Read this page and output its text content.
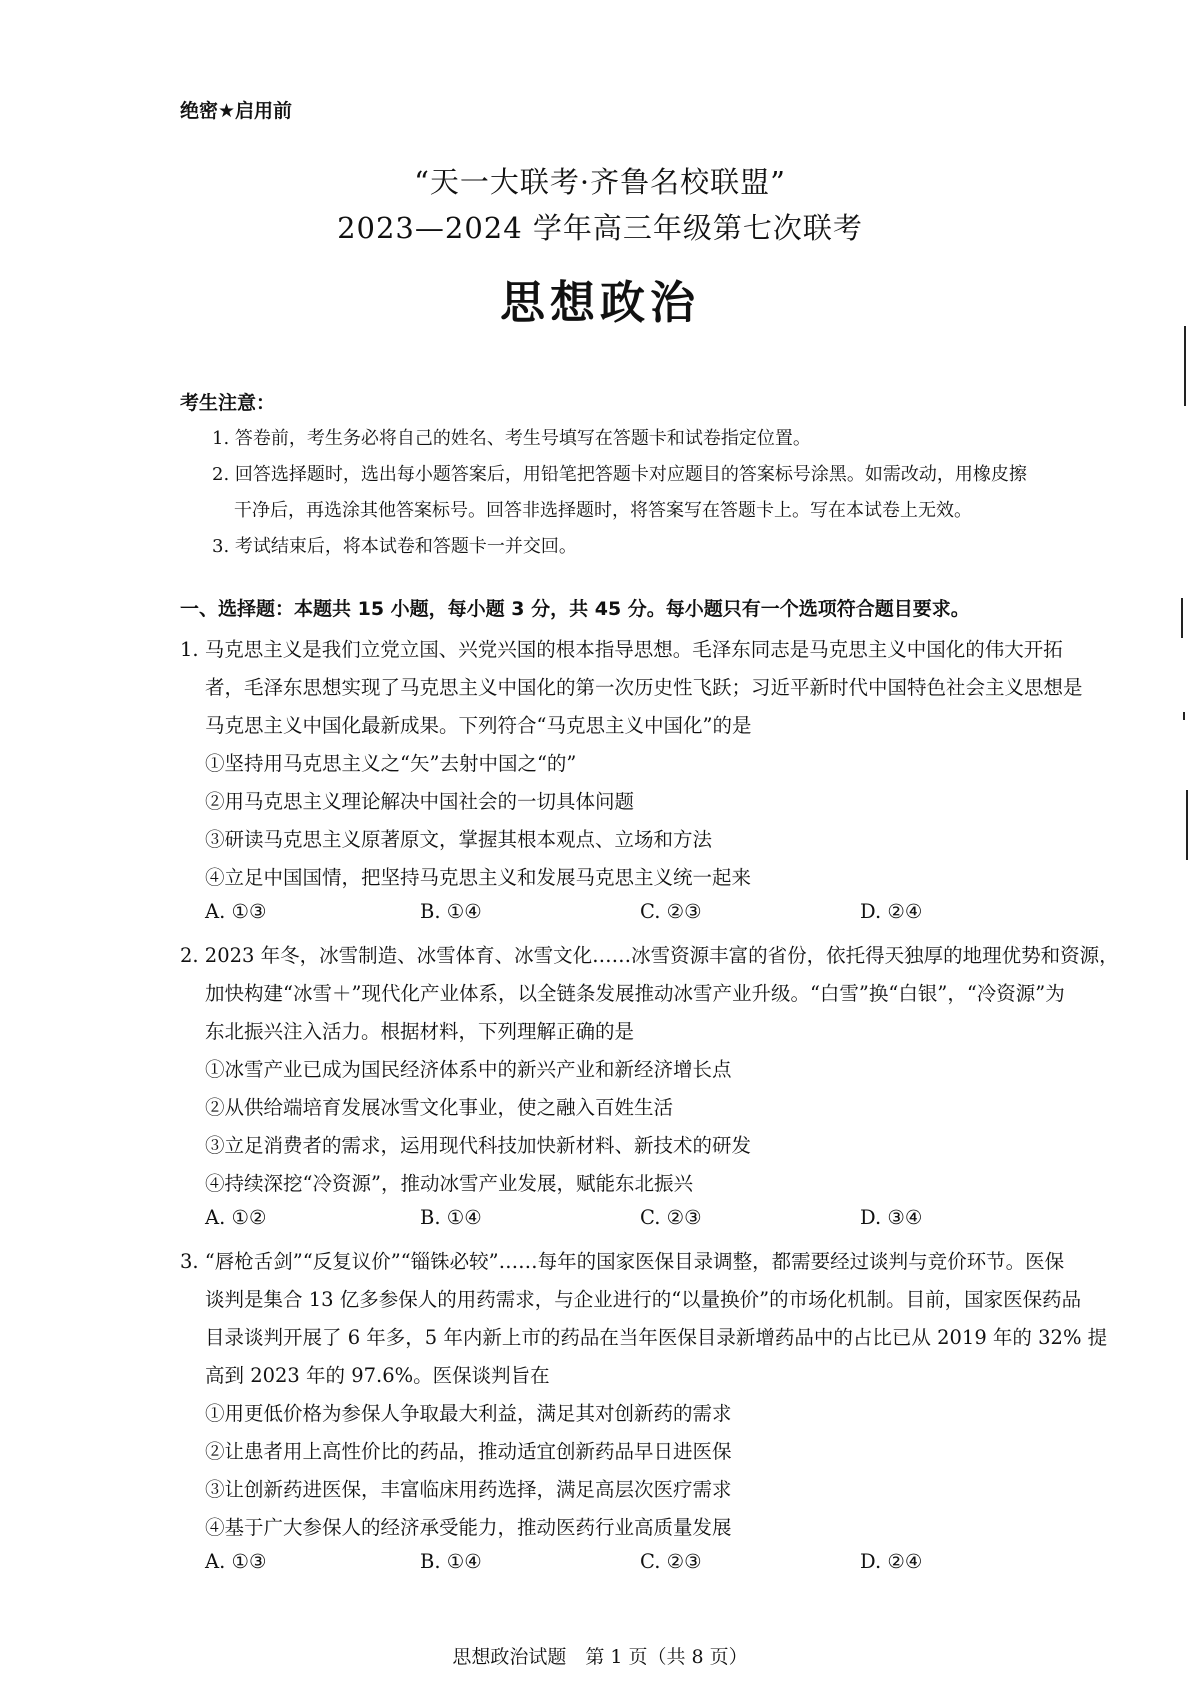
绝密★启用前
“天一大联考·齐鲁名校联盟”
2023—2024 学年高三年级第七次联考
思想政治
考生注意：
1. 答卷前，考生务必将自己的姓名、考生号填写在答题卡和试卷指定位置。
2. 回答选择题时，选出每小题答案后，用铅笔把答题卡对应题目的答案标号涂黑。如需改动，用橡皮擦
干净后，再选涂其他答案标号。回答非选择题时，将答案写在答题卡上。写在本试卷上无效。
3. 考试结束后，将本试卷和答题卡一并交回。
一、选择题：本题共 15 小题，每小题 3 分，共 45 分。每小题只有一个选项符合题目要求。
1. 马克思主义是我们立党立国、兴党兴国的根本指导思想。毛泽东同志是马克思主义中国化的伟大开拓
者，毛泽东思想实现了马克思主义中国化的第一次历史性飞跃；习近平新时代中国特色社会主义思想是
马克思主义中国化最新成果。下列符合“马克思主义中国化”的是
①坚持用马克思主义之“矢”去射中国之“的”
②用马克思主义理论解决中国社会的一切具体问题
③研读马克思主义原著原文，掌握其根本观点、立场和方法
④立足中国国情，把坚持马克思主义和发展马克思主义统一起来
A. ①③	B. ①④	C. ②③	D. ②④
2. 2023 年冬，冰雪制造、冰雪体育、冰雪文化……冰雪资源丰富的省份，依托得天独厚的地理优势和资源，
加快构建“冰雪＋”现代化产业体系，以全链条发展推动冰雪产业升级。“白雪”换“白银”，“冷资源”为
东北振兴注入活力。根据材料，下列理解正确的是
①冰雪产业已成为国民经济体系中的新兴产业和新经济增长点
②从供给端培育发展冰雪文化事业，使之融入百姓生活
③立足消费者的需求，运用现代科技加快新材料、新技术的研发
④持续深挖“冷资源”，推动冰雪产业发展，赋能东北振兴
A. ①②	B. ①④	C. ②③	D. ③④
3. “唇枪舌剑”“反复议价”“锱铢必较”……每年的国家医保目录调整，都需要经过谈判与竞价环节。医保
谈判是集合 13 亿多参保人的用药需求，与企业进行的“以量换价”的市场化机制。目前，国家医保药品
目录谈判开展了 6 年多，5 年内新上市的药品在当年医保目录新增药品中的占比已从 2019 年的 32% 提
高到 2023 年的 97.6%。医保谈判旨在
①用更低价格为参保人争取最大利益，满足其对创新药的需求
②让患者用上高性价比的药品，推动适宜创新药品早日进医保
③让创新药进医保，丰富临床用药选择，满足高层次医疗需求
④基于广大参保人的经济承受能力，推动医药行业高质量发展
A. ①③	B. ①④	C. ②③	D. ②④
思想政治试题　第 1 页（共 8 页）
